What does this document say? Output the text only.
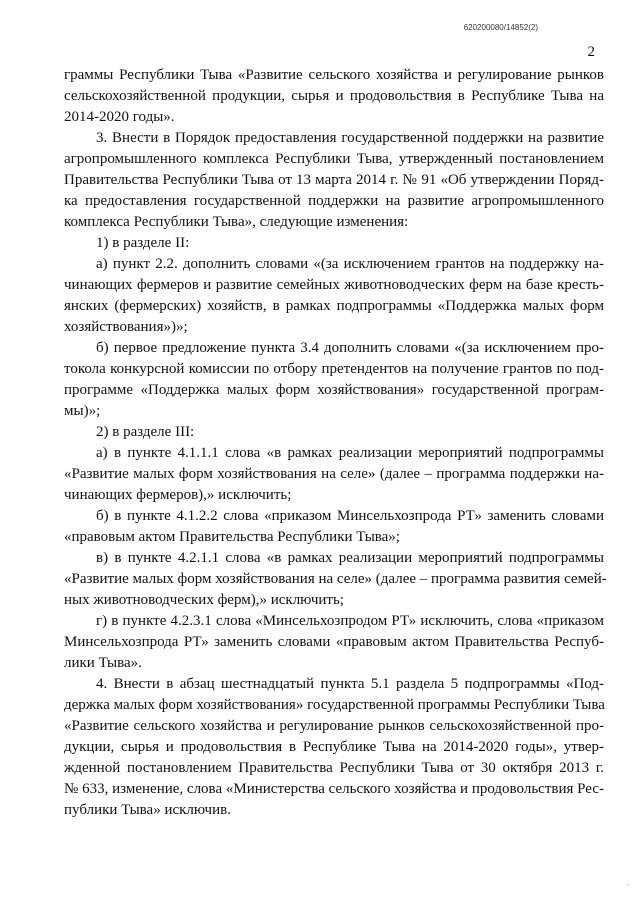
620200080/14852(2)
2
граммы Республики Тыва «Развитие сельского хозяйства и регулирование рынков
сельскохозяйственной продукции, сырья и продовольствия в Республике Тыва на
2014-2020 годы».
3. Внести в Порядок предоставления государственной поддержки на развитие
агропромышленного комплекса Республики Тыва, утвержденный постановлением
Правительства Республики Тыва от 13 марта 2014 г. № 91 «Об утверждении Поряд-
ка предоставления государственной поддержки на развитие агропромышленного
комплекса Республики Тыва», следующие изменения:
1) в разделе II:
а) пункт 2.2. дополнить словами «(за исключением грантов на поддержку на-
чинающих фермеров и развитие семейных животноводческих ферм на базе кресть-
янских (фермерских) хозяйств, в рамках подпрограммы «Поддержка малых форм
хозяйствования»)»;
б) первое предложение пункта 3.4 дополнить словами «(за исключением про-
токола конкурсной комиссии по отбору претендентов на получение грантов по под-
программе «Поддержка малых форм хозяйствования» государственной програм-
мы)»;
2) в разделе III:
а) в пункте 4.1.1.1 слова «в рамках реализации мероприятий подпрограммы
«Развитие малых форм хозяйствования на селе» (далее – программа поддержки на-
чинающих фермеров),» исключить;
б) в пункте 4.1.2.2 слова «приказом Минсельхозпрода РТ» заменить словами
«правовым актом Правительства Республики Тыва»;
в) в пункте 4.2.1.1 слова «в рамках реализации мероприятий подпрограммы
«Развитие малых форм хозяйствования на селе» (далее – программа развития семей-
ных животноводческих ферм),» исключить;
г) в пункте 4.2.3.1 слова «Минсельхозпродом РТ» исключить, слова «приказом
Минсельхозпрода РТ» заменить словами «правовым актом Правительства Респуб-
лики Тыва».
4. Внести в абзац шестнадцатый пункта 5.1 раздела 5 подпрограммы «Под-
держка малых форм хозяйствования» государственной программы Республики Тыва
«Развитие сельского хозяйства и регулирование рынков сельскохозяйственной про-
дукции, сырья и продовольствия в Республике Тыва на 2014-2020 годы», утвер-
жденной постановлением Правительства Республики Тыва от 30 октября 2013 г.
№ 633, изменение, слова «Министерства сельского хозяйства и продовольствия Рес-
публики Тыва» исключив.
.
